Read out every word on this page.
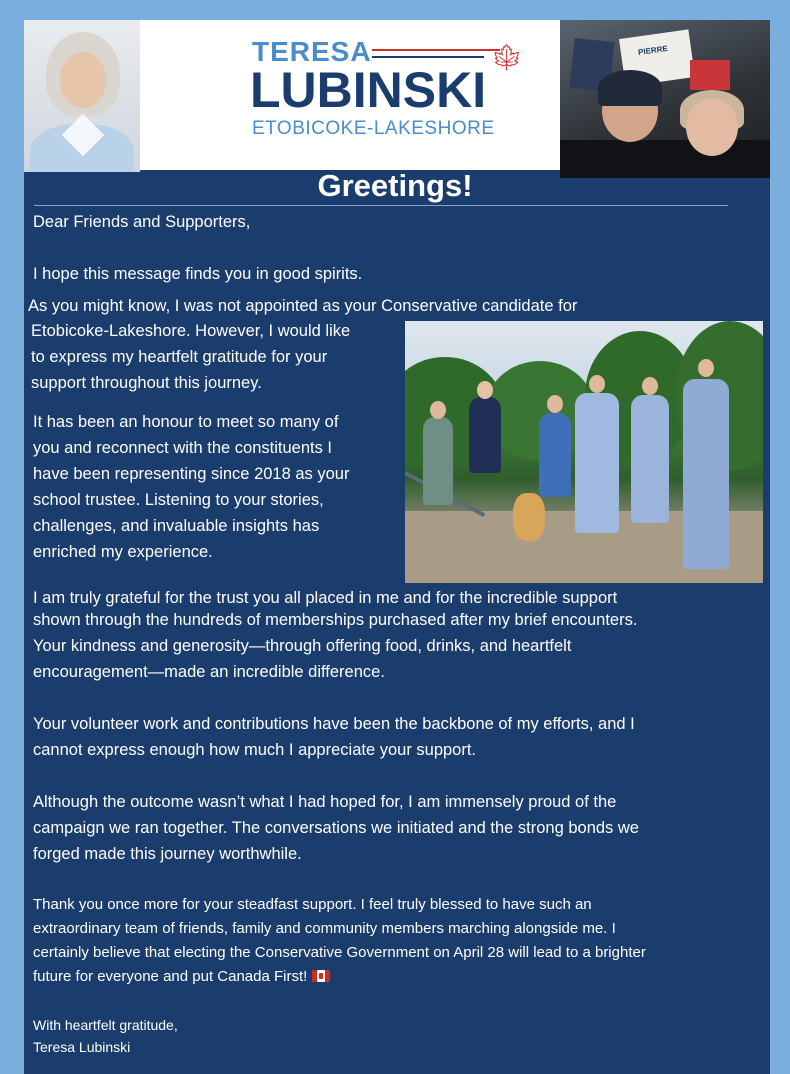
TERESA	🍁︎
LUBINSKI
ETOBICOKE-LAKESHORE
PIERRE
Greetings!
Dear Friends and Supporters,
I hope this message finds you in good spirits.
As you might know, I was not appointed as your Conservative candidate for
Etobicoke-Lakeshore. However, I would like
to express my heartfelt gratitude for your
support throughout this journey.
It has been an honour to meet so many of
you and reconnect with the constituents I
have been representing since 2018 as your
school trustee. Listening to your stories,
challenges, and invaluable insights has
enriched my experience.
I am truly grateful for the trust you all placed in me and for the incredible support
shown through the hundreds of memberships purchased after my brief encounters.
Your kindness and generosity—through offering food, drinks, and heartfelt
encouragement—made an incredible difference.
Your volunteer work and contributions have been the backbone of my efforts, and I
cannot express enough how much I appreciate your support.
Although the outcome wasn’t what I had hoped for, I am immensely proud of the
campaign we ran together. The conversations we initiated and the strong bonds we
forged made this journey worthwhile.
Thank you once more for your steadfast support. I feel truly blessed to have such an
extraordinary team of friends, family and community members marching alongside me. I
certainly believe that electing the Conservative Government on April 28 will lead to a brighter
future for everyone and put Canada First!
With heartfelt gratitude,
Teresa Lubinski
